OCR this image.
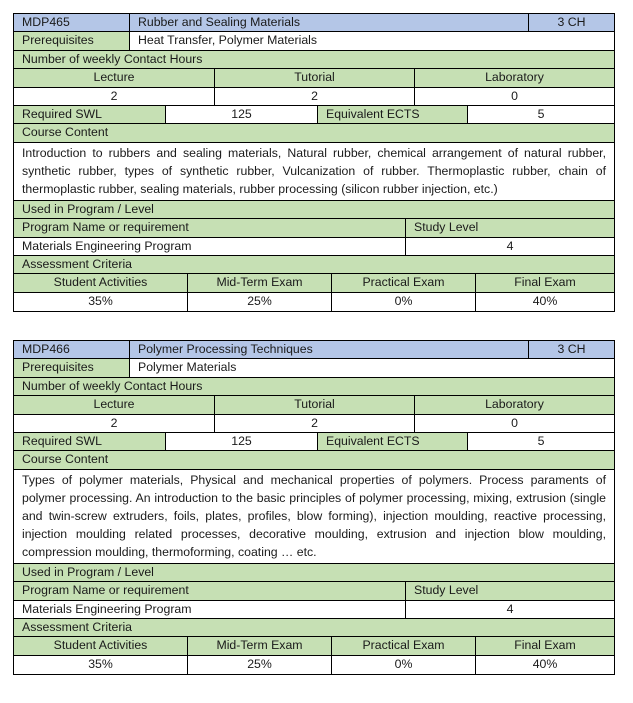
MDP465	Rubber and Sealing Materials	3 CH
Prerequisites	Heat Transfer, Polymer Materials
Number of weekly Contact Hours
Lecture	Tutorial	Laboratory
2	2	0
Required SWL	125	Equivalent ECTS	5
Course Content
Introduction to rubbers and sealing materials, Natural rubber, chemical arrangement of natural rubber, synthetic rubber, types of synthetic rubber, Vulcanization of rubber. Thermoplastic rubber, chain of thermoplastic rubber, sealing materials, rubber processing (silicon rubber injection, etc.)
Used in Program / Level
Program Name or requirement	Study Level
Materials Engineering Program	4
Assessment Criteria
Student Activities	Mid-Term Exam	Practical Exam	Final Exam
35%	25%	0%	40%
MDP466	Polymer Processing Techniques	3 CH
Prerequisites	Polymer Materials
Number of weekly Contact Hours
Lecture	Tutorial	Laboratory
2	2	0
Required SWL	125	Equivalent ECTS	5
Course Content
Types of polymer materials, Physical and mechanical properties of polymers. Process paraments of polymer processing. An introduction to the basic principles of polymer processing, mixing, extrusion (single and twin-screw extruders, foils, plates, profiles, blow forming), injection moulding, reactive processing, injection moulding related processes, decorative moulding, extrusion and injection blow moulding, compression moulding, thermoforming, coating … etc.
Used in Program / Level
Program Name or requirement	Study Level
Materials Engineering Program	4
Assessment Criteria
Student Activities	Mid-Term Exam	Practical Exam	Final Exam
35%	25%	0%	40%
